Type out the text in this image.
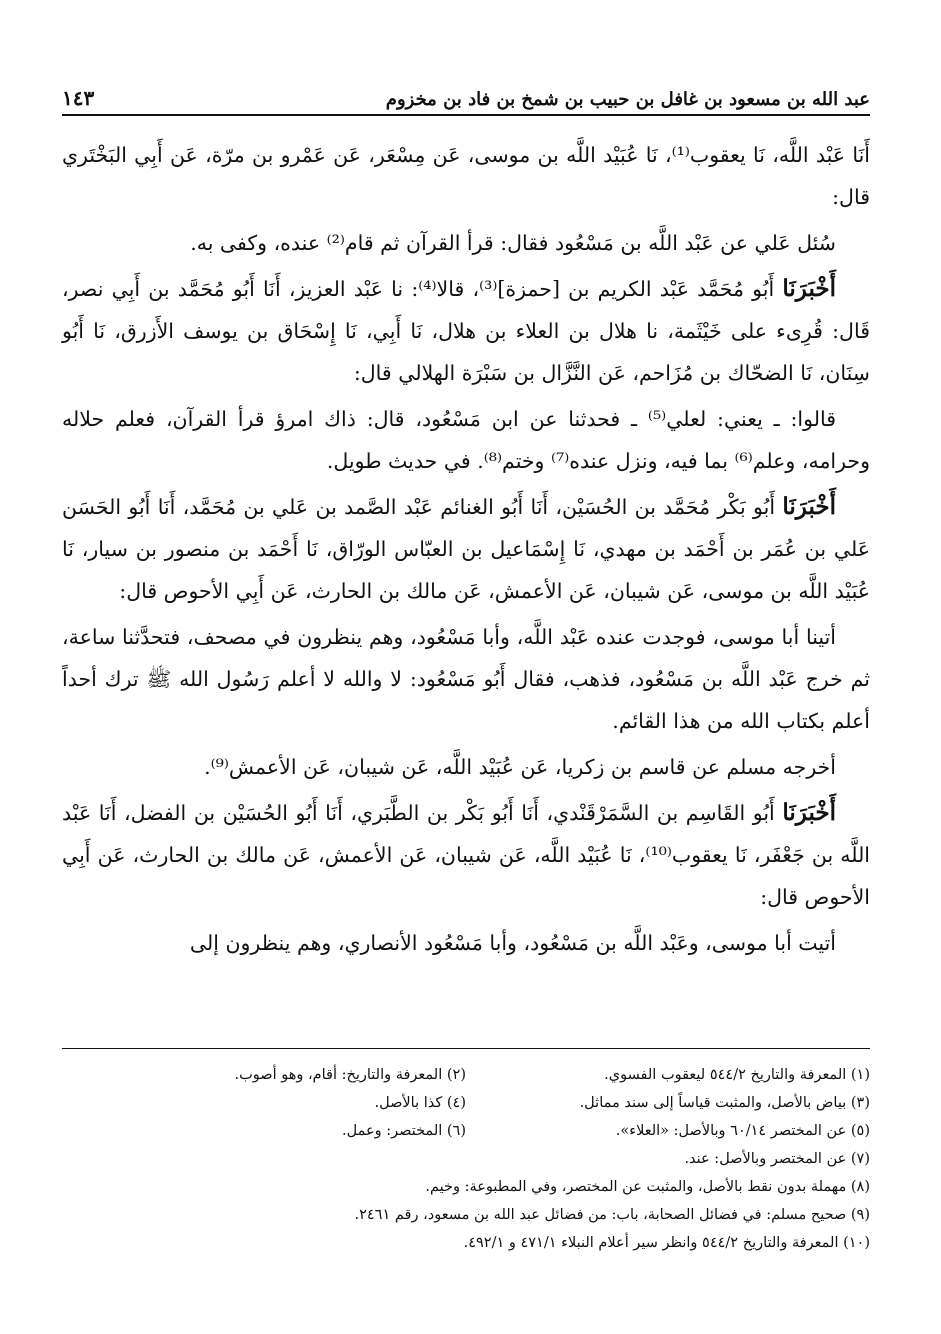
عبد الله بن مسعود بن غافل بن حبيب بن شمخ بن فاد بن مخزوم
١٤٣

أَنَا عَبْد اللَّه، نَا يعقوب⁽¹⁾، نَا عُبَيْد اللَّه بن موسى، عَن مِسْعَر، عَن عَمْرو بن مرّة، عَن أَبِي البَخْتَري قال:

سُئل عَلي عن عَبْد اللَّه بن مَسْعُود فقال: قرأ القرآن ثم قام⁽²⁾ عنده، وكفى به.

أَخْبَرَنَا أَبُو مُحَمَّد عَبْد الكريم بن [حمزة]⁽³⁾، قالا⁽⁴⁾: نا عَبْد العزيز، أَنَا أَبُو مُحَمَّد بن أَبِي نصر، قَال: قُرِىء على خَيْثَمة، نا هلال بن العلاء بن هلال، نَا أَبِي، نَا إِسْحَاق بن يوسف الأَزرق، نَا أَبُو سِنَان، نَا الضحّاك بن مُزَاحم، عَن النَّزَّال بن سَبْرَة الهلالي قال:

قالوا: ـ يعني: لعلي⁽⁵⁾ ـ فحدثنا عن ابن مَسْعُود، قال: ذاك امرؤ قرأ القرآن، فعلم حلاله وحرامه، وعلم⁽⁶⁾ بما فيه، ونزل عنده⁽⁷⁾ وختم⁽⁸⁾. في حديث طويل.

أَخْبَرَنَا أَبُو بَكْر مُحَمَّد بن الحُسَيْن، أَنَا أَبُو الغنائم عَبْد الصَّمد بن عَلي بن مُحَمَّد، أَنَا أَبُو الحَسَن عَلي بن عُمَر بن أَحْمَد بن مهدي، نَا إِسْمَاعيل بن العبّاس الورّاق، نَا أَحْمَد بن منصور بن سيار، نَا عُبَيْد اللَّه بن موسى، عَن شيبان، عَن الأعمش، عَن مالك بن الحارث، عَن أَبِي الأحوص قال:

أتينا أبا موسى، فوجدت عنده عَبْد اللَّه، وأبا مَسْعُود، وهم ينظرون في مصحف، فتحدَّثنا ساعة، ثم خرج عَبْد اللَّه بن مَسْعُود، فذهب، فقال أَبُو مَسْعُود: لا والله لا أعلم رَسُول الله ﷺ ترك أحداً أعلم بكتاب الله من هذا القائم.

أخرجه مسلم عن قاسم بن زكريا، عَن عُبَيْد اللَّه، عَن شيبان، عَن الأعمش⁽⁹⁾.

أَخْبَرَنَا أَبُو القَاسِم بن السَّمَرْقَنْدي، أَنَا أَبُو بَكْر بن الطَّبَري، أَنَا أَبُو الحُسَيْن بن الفضل، أَنَا عَبْد اللَّه بن جَعْفَر، نَا يعقوب⁽¹⁰⁾، نَا عُبَيْد اللَّه، عَن شيبان، عَن الأعمش، عَن مالك بن الحارث، عَن أَبِي الأحوص قال:

أتيت أبا موسى، وعَبْد اللَّه بن مَسْعُود، وأبا مَسْعُود الأنصاري، وهم ينظرون إلى

(١) المعرفة والتاريخ ٥٤٤/٢ ليعقوب الفسوي.
(٢) المعرفة والتاريخ: أقام، وهو أصوب.
(٣) بياض بالأصل، والمثبت قياساً إلى سند مماثل.
(٤) كذا بالأصل.
(٥) عن المختصر ٦٠/١٤ وبالأصل: «العلاء».
(٦) المختصر: وعمل.
(٧) عن المختصر وبالأصل: عند.
(٨) مهملة بدون نقط بالأصل، والمثبت عن المختصر، وفي المطبوعة: وخيم.
(٩) صحيح مسلم: في فضائل الصحابة، باب: من فضائل عبد الله بن مسعود، رقم ٢٤٦١.
(١٠) المعرفة والتاريخ ٥٤٤/٢ وانظر سير أعلام النبلاء ٤٧١/١ و ٤٩٢/١.
